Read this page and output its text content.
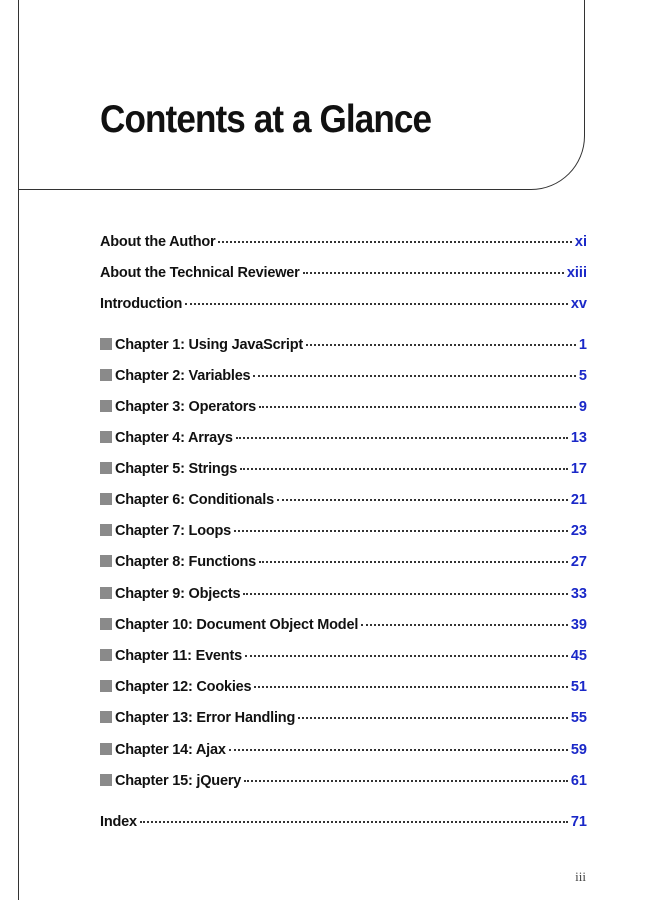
Contents at a Glance
About the Author	xi
About the Technical Reviewer	xiii
Introduction	xv
Chapter 1: Using JavaScript	1
Chapter 2: Variables	5
Chapter 3: Operators	9
Chapter 4: Arrays	13
Chapter 5: Strings	17
Chapter 6: Conditionals	21
Chapter 7: Loops	23
Chapter 8: Functions	27
Chapter 9: Objects	33
Chapter 10: Document Object Model	39
Chapter 11: Events	45
Chapter 12: Cookies	51
Chapter 13: Error Handling	55
Chapter 14: Ajax	59
Chapter 15: jQuery	61
Index	71
iii
